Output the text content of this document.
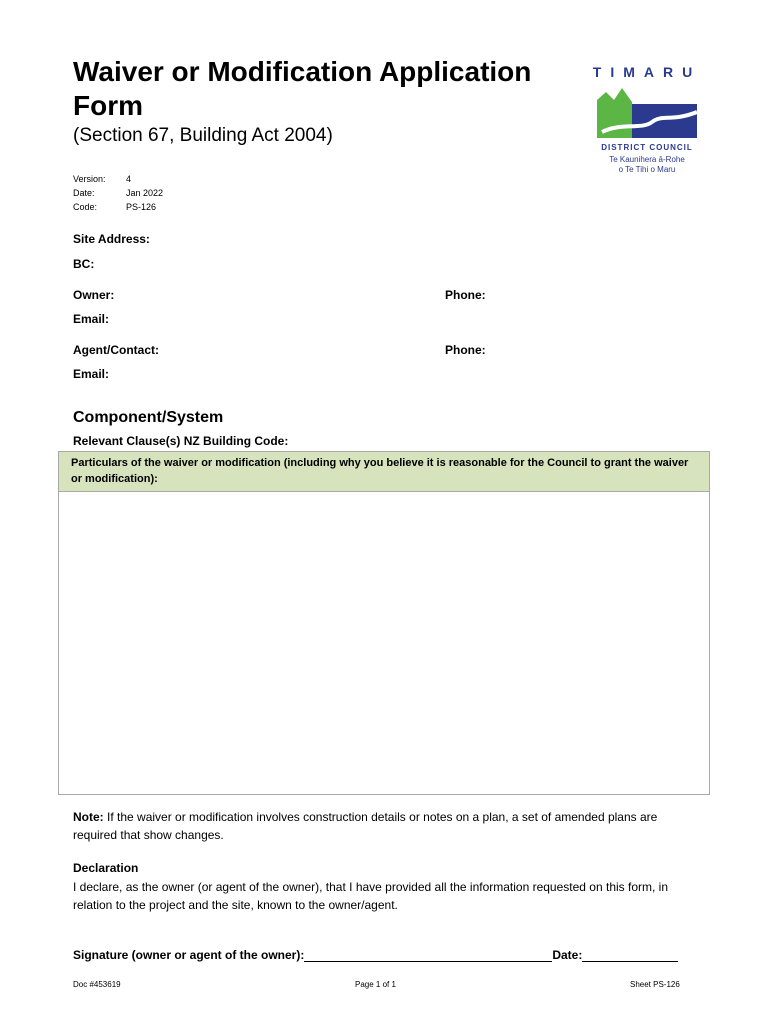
Waiver or Modification Application Form
(Section 67, Building Act 2004)
Version:	4
Date:	Jan 2022
Code:	PS-126
TIMARU
DISTRICT COUNCIL
Te Kaunihera ā-Rohe
o Te Tihi o Maru
Site Address:
BC:
Owner:	Phone:
Email:
Agent/Contact:	Phone:
Email:
Component/System
Relevant Clause(s) NZ Building Code:
Particulars of the waiver or modification (including why you believe it is reasonable for the Council to grant the waiver or modification):
Note: If the waiver or modification involves construction details or notes on a plan, a set of amended plans are required that show changes.
Declaration
I declare, as the owner (or agent of the owner), that I have provided all the information requested on this form, in relation to the project and the site, known to the owner/agent.
Signature (owner or agent of the owner):	Date:
Doc #453619	Page 1 of 1	Sheet PS-126
